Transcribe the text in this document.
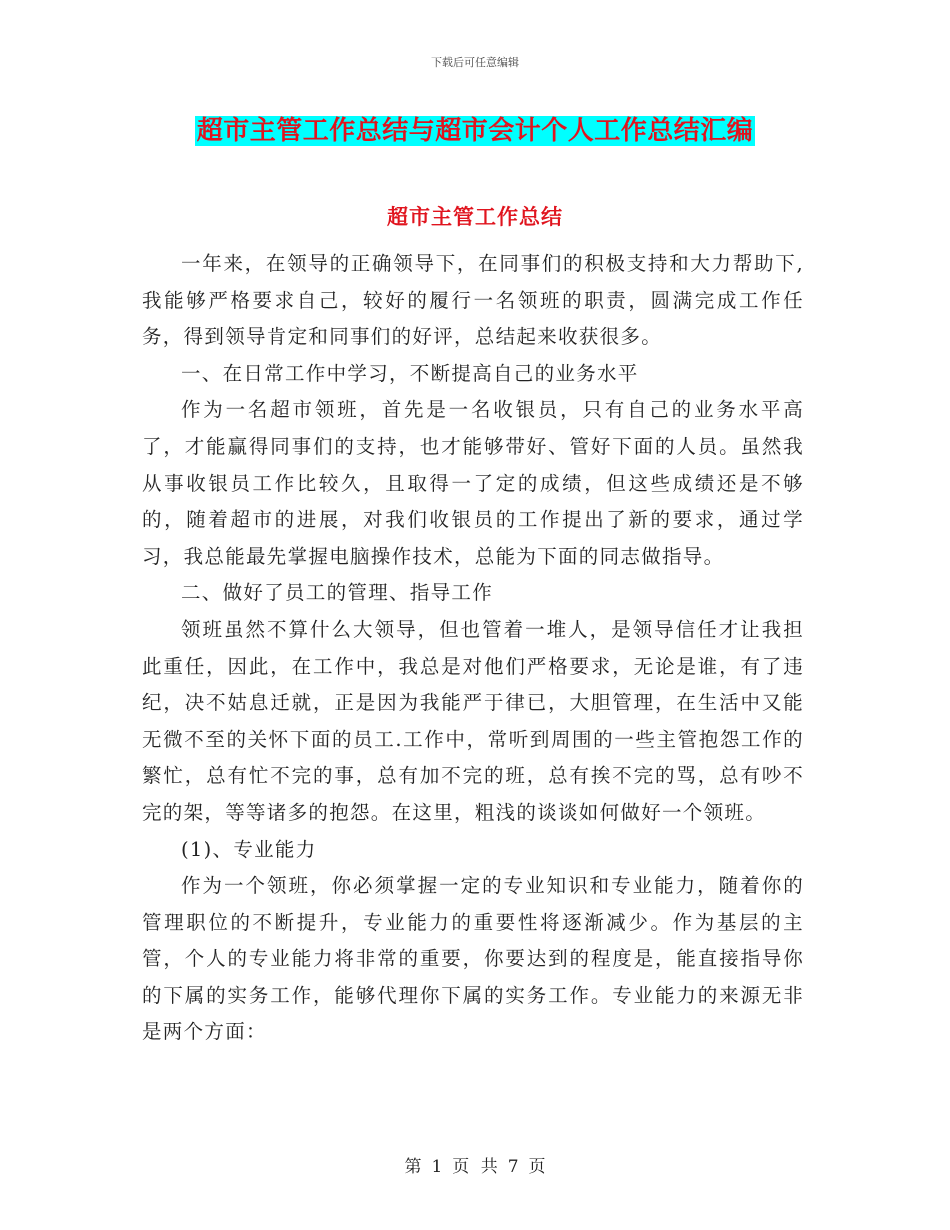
下载后可任意编辑
超市主管工作总结与超市会计个人工作总结汇编
超市主管工作总结

一年来，在领导的正确领导下，在同事们的积极支持和大力帮助下,我能够严格要求自己，较好的履行一名领班的职责，圆满完成工作任务，得到领导肯定和同事们的好评，总结起来收获很多。

一、在日常工作中学习，不断提高自己的业务水平

作为一名超市领班，首先是一名收银员，只有自己的业务水平高了，才能赢得同事们的支持，也才能够带好、管好下面的人员。虽然我从事收银员工作比较久，且取得一了定的成绩，但这些成绩还是不够的，随着超市的进展，对我们收银员的工作提出了新的要求，通过学习，我总能最先掌握电脑操作技术，总能为下面的同志做指导。

二、做好了员工的管理、指导工作

领班虽然不算什么大领导，但也管着一堆人，是领导信任才让我担此重任，因此，在工作中，我总是对他们严格要求，无论是谁，有了违纪，决不姑息迁就，正是因为我能严于律已，大胆管理，在生活中又能无微不至的关怀下面的员工.工作中，常听到周围的一些主管抱怨工作的繁忙，总有忙不完的事，总有加不完的班，总有挨不完的骂，总有吵不完的架，等等诸多的抱怨。在这里，粗浅的谈谈如何做好一个领班。

(1)、专业能力

作为一个领班，你必须掌握一定的专业知识和专业能力，随着你的管理职位的不断提升，专业能力的重要性将逐渐减少。作为基层的主管，个人的专业能力将非常的重要，你要达到的程度是，能直接指导你的下属的实务工作，能够代理你下属的实务工作。专业能力的来源无非是两个方面：

第 1 页 共 7 页
